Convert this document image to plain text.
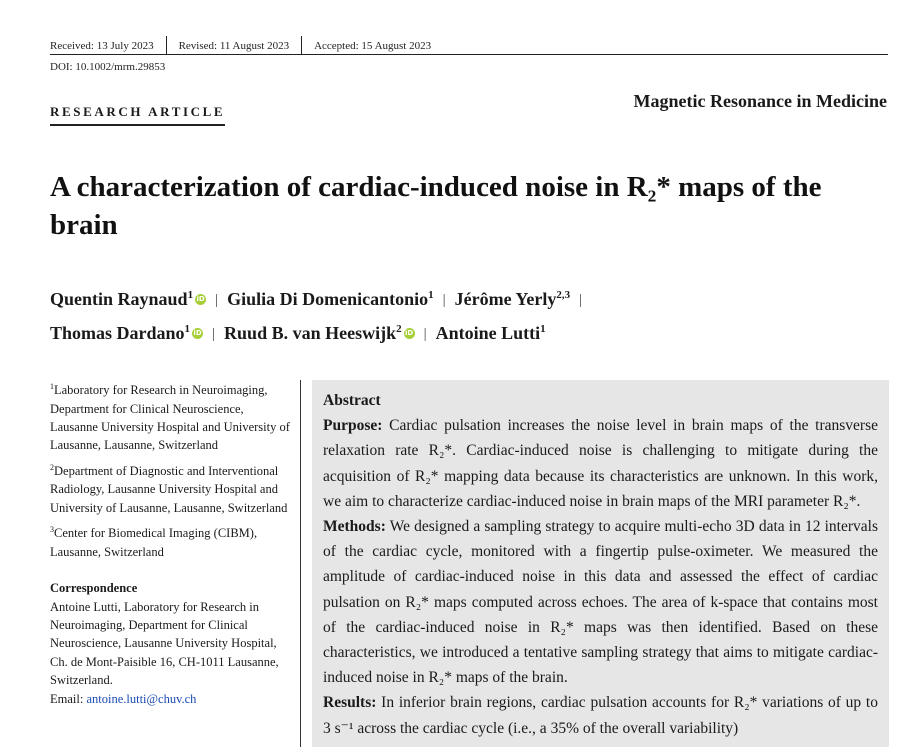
Received: 13 July 2023 Revised: 11 August 2023 Accepted: 15 August 2023
DOI: 10.1002/mrm.29853
Magnetic Resonance in Medicine
RESEARCH ARTICLE
A characterization of cardiac-induced noise in R₂* maps of the brain
Quentin Raynaud$^1$ iD | Giulia Di Domenicantonio$^1$ | Jérôme Yerly$^{2,3}$ |
Thomas Dardano$^1$ iD | Ruud B. van Heeswijk$^2$ iD | Antoine Lutti$^1$
$^1$Laboratory for Research in Neuroimaging, Department for Clinical Neuroscience, Lausanne University Hospital and University of Lausanne, Lausanne, Switzerland
$^2$Department of Diagnostic and Interventional Radiology, Lausanne University Hospital and University of Lausanne, Lausanne, Switzerland
$^3$Center for Biomedical Imaging (CIBM), Lausanne, Switzerland
Correspondence
Antoine Lutti, Laboratory for Research in Neuroimaging, Department for Clinical Neuroscience, Lausanne University Hospital, Ch. de Mont-Paisible 16, CH-1011 Lausanne, Switzerland.
Email: antoine.lutti@chuv.ch
Abstract
Purpose: Cardiac pulsation increases the noise level in brain maps of the transverse relaxation rate R₂*. Cardiac-induced noise is challenging to mitigate during the acquisition of R₂* mapping data because its characteristics are unknown. In this work, we aim to characterize cardiac-induced noise in brain maps of the MRI parameter R₂*.
Methods: We designed a sampling strategy to acquire multi-echo 3D data in 12 intervals of the cardiac cycle, monitored with a fingertip pulse-oximeter. We measured the amplitude of cardiac-induced noise in this data and assessed the effect of cardiac pulsation on R₂* maps computed across echoes. The area of k-space that contains most of the cardiac-induced noise in R₂* maps was then identified. Based on these characteristics, we introduced a tentative sampling strategy that aims to mitigate cardiac-induced noise in R₂* maps of the brain.
Results: In inferior brain regions, cardiac pulsation accounts for R₂* variations of up to 3 s⁻¹ across the cardiac cycle (i.e., a 35% of the overall variability)
